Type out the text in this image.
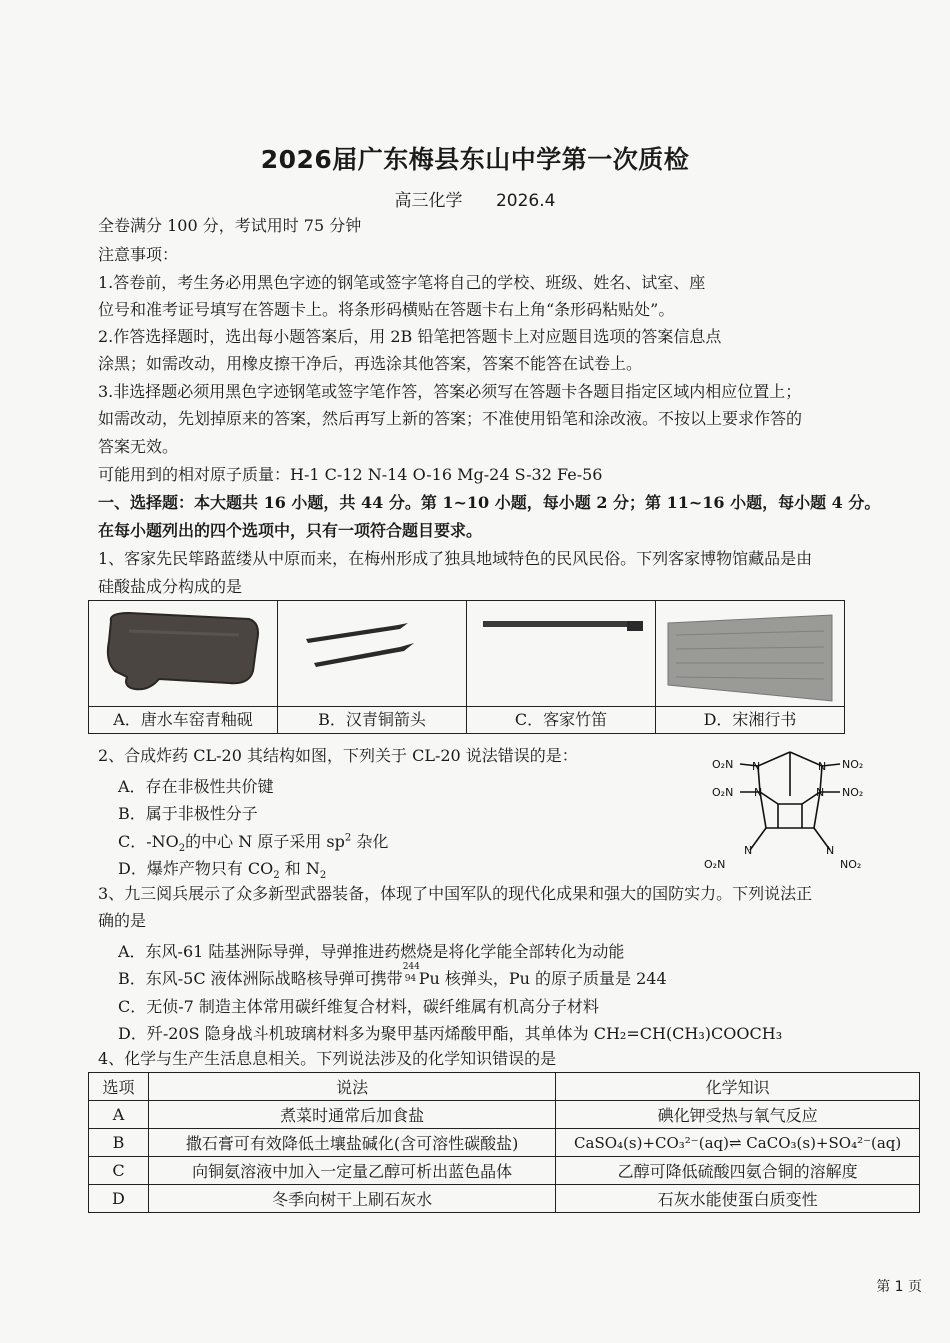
2026届广东梅县东山中学第一次质检
高三化学 2026.4
全卷满分 100 分，考试用时 75 分钟
注意事项：
1.答卷前，考生务必用黑色字迹的钢笔或签字笔将自己的学校、班级、姓名、试室、座
位号和准考证号填写在答题卡上。将条形码横贴在答题卡右上角“条形码粘贴处”。
2.作答选择题时，选出每小题答案后，用 2B 铅笔把答题卡上对应题目选项的答案信息点
涂黑；如需改动，用橡皮擦干净后，再选涂其他答案，答案不能答在试卷上。
3.非选择题必须用黑色字迹钢笔或签字笔作答，答案必须写在答题卡各题目指定区域内相应位置上；
如需改动，先划掉原来的答案，然后再写上新的答案；不准使用铅笔和涂改液。不按以上要求作答的
答案无效。
可能用到的相对原子质量：H-1 C-12 N-14 O-16 Mg-24 S-32 Fe-56
一、选择题：本大题共 16 小题，共 44 分。第 1~10 小题，每小题 2 分；第 11~16 小题，每小题 4 分。
在每小题列出的四个选项中，只有一项符合题目要求。
1、客家先民筚路蓝缕从中原而来，在梅州形成了独具地域特色的民风民俗。下列客家博物馆藏品是由
硅酸盐成分构成的是
A．唐水车窑青釉砚	B．汉青铜箭头	C．客家竹笛	D．宋湘行书
2、合成炸药 CL-20 其结构如图，下列关于 CL-20 说法错误的是：
A．存在非极性共价键
B．属于非极性分子
C．$-NO_2$的中心 N 原子采用 $sp^2$ 杂化
D．爆炸产物只有 $CO_2$ 和 $N_2$
N	N
N	N
N	N
O₂N	NO₂
O₂N	NO₂
O₂N	NO₂
3、九三阅兵展示了众多新型武器装备，体现了中国军队的现代化成果和强大的国防实力。下列说法正
确的是
A．东风-61 陆基洲际导弹，导弹推进药燃烧是将化学能全部转化为动能
B．东风-5C 液体洲际战略核导弹可携带
244
94 Pu 核弹头，Pu 的原子质量是 244
C．无侦-7 制造主体常用碳纤维复合材料，碳纤维属有机高分子材料
D．歼-20S 隐身战斗机玻璃材料多为聚甲基丙烯酸甲酯，其单体为 CH₂=CH(CH₃)COOCH₃
4、化学与生产生活息息相关。下列说法涉及的化学知识错误的是
选项	说法	化学知识
A	煮菜时通常后加食盐	碘化钾受热与氧气反应
B	撒石膏可有效降低土壤盐碱化(含可溶性碳酸盐)	CaSO₄(s)+CO₃²⁻(aq)⇌ CaCO₃(s)+SO₄²⁻(aq)
C	向铜氨溶液中加入一定量乙醇可析出蓝色晶体	乙醇可降低硫酸四氨合铜的溶解度
D	冬季向树干上刷石灰水	石灰水能使蛋白质变性
第 1 页
